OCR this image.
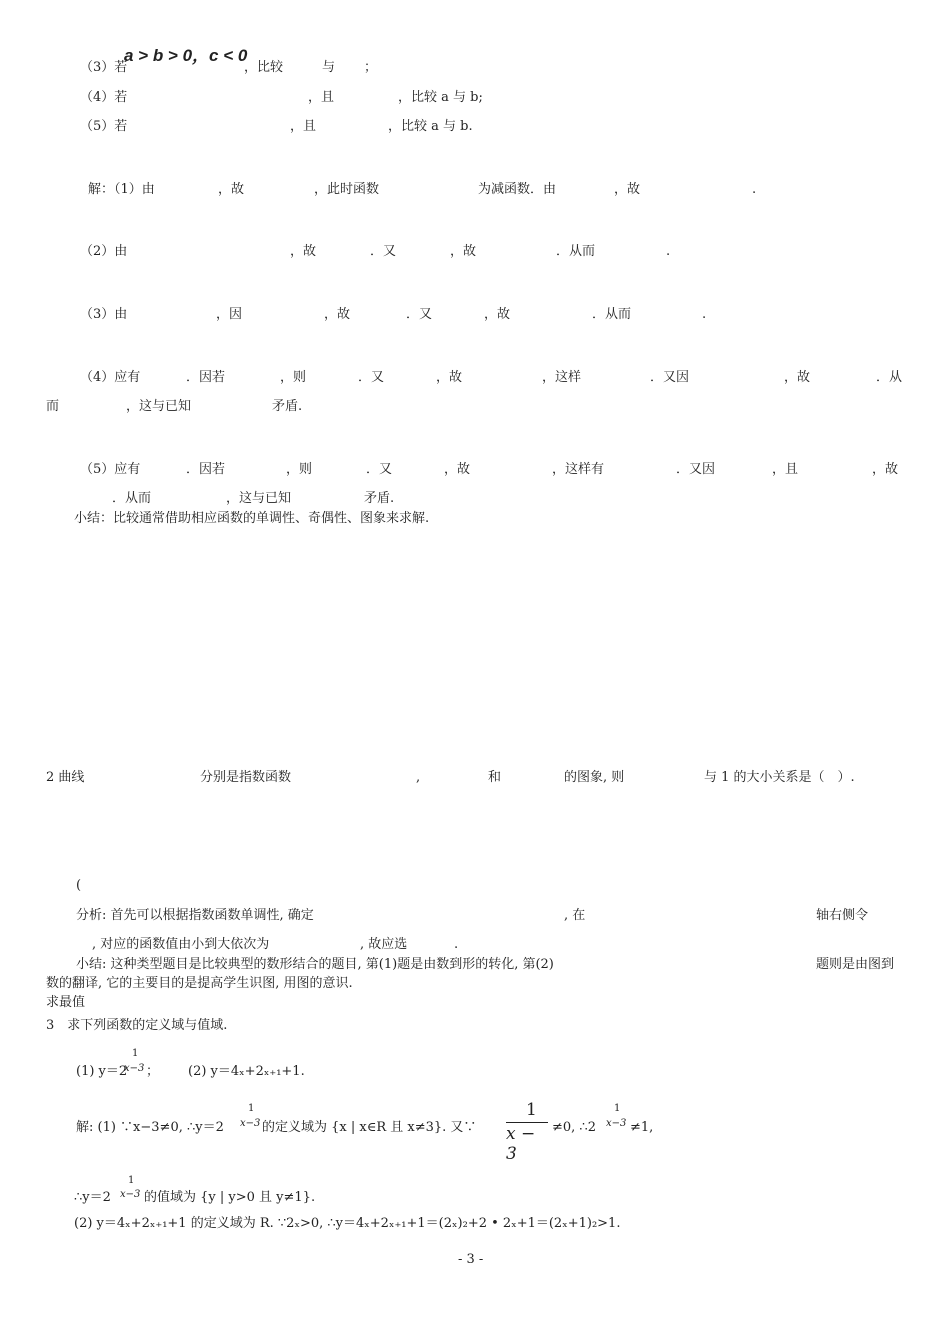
（3）若
a > b > 0，c < 0
，比较	与 ；
（4）若	，且	，比较 a 与 b;
（5）若	，且	，比较 a 与 b.
解：（1）由	，故	，此时函数	为减函数．由	，故	.
（2）由	，故	．又	，故	．从而	.
（3）由	，因	，故	．又	，故	．从而	.
（4）应有	．因若	，则	．又	，故	，这样	．又因	，故	．从
而	，这与已知	矛盾.
（5）应有	．因若	，则	．又	，故	，这样有	．又因	，且	，故
．从而	，这与已知	矛盾.
小结：比较通常借助相应函数的单调性、奇偶性、图象来求解.
2 曲线	分别是指数函数	,	和	的图象, 则	与 1 的大小关系是（　）.
(
分析: 首先可以根据指数函数单调性, 确定	, 在	轴右侧令
, 对应的函数值由小到大依次为	, 故应选	.
小结: 这种类型题目是比较典型的数形结合的题目, 第(1)题是由数到形的转化, 第(2)	题则是由图到
数的翻译, 它的主要目的是提高学生识图, 用图的意识.
求最值
3　求下列函数的定义域与值域.
1
(1) y＝2
x−3 ； (2) y＝4ₓ+2ₓ₊₁+1.
1
解: (1) ∵x−3≠0, ∴y＝2 x−3 的定义域为 {x | x∈R 且 x≠3}. 又∵
1
x − 3
≠0, ∴2
1
x−3 ≠1,
1
∴y＝2 x−3 的值域为 {y | y>0 且 y≠1}.
(2) y＝4ₓ+2ₓ₊₁+1 的定义域为 R. ∵2ₓ>0, ∴y＝4ₓ+2ₓ₊₁+1＝(2ₓ)₂+2 • 2ₓ+1＝(2ₓ+1)₂>1.
- 3 -
